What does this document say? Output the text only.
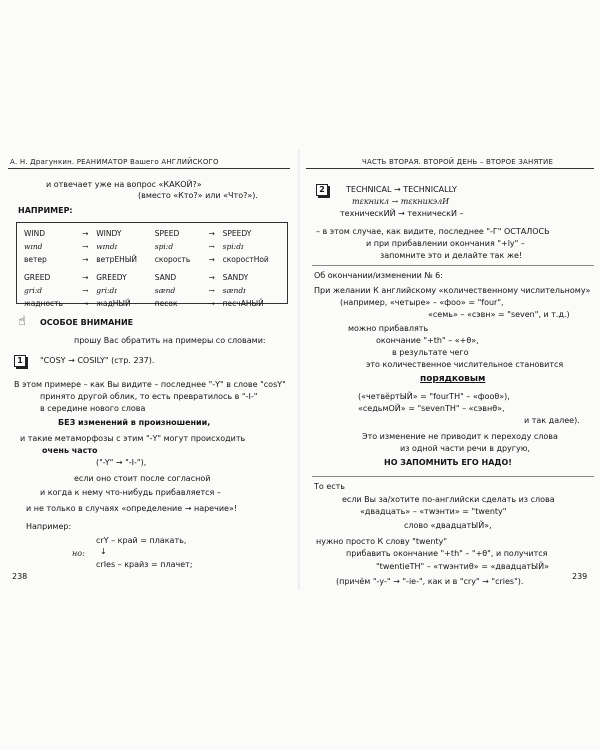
А. Н. Драгункин. РЕАНИМАТОР Вашего АНГЛИЙСКОГО
и отвечает уже на вопрос «КАКОЙ?»
(вместо «Кто?» или «Что?»).
НАПРИМЕР:
WIND	→	WINDY	SPEED	→	SPEEDY
wɪnd	→	wɪndɪ	spi:d	→	spi:dɪ
ветер	→	ветрЕНЫЙ	скорость	→	скоростНой
GREED	→	GREEDY	SAND	→	SANDY
gri:d	→	gri:dɪ	sænd	→	sændɪ
жадность	→	жадНЫЙ	песок	→	песчАНЫЙ
☝ ОСОБОЕ ВНИМАНИЕ
прошу Вас обратить на примеры со словами:
1	"COSY → COSILY" (стр. 237).
В этом примере – как Вы видите – последнее "-Y" в слове "cosY"
принято другой облик, то есть превратилось в "-I-"
в середине нового слова
БЕЗ изменений в произношении,
и такие метаморфозы с этим "-Y" могут происходить
очень часто
("-Y" → "-I-"),
если оно стоит после согласной
и когда к нему что-нибудь прибавляется –
и не только в случаях «определение → наречие»!
Например:
crY – край = плакать,
но: ↓
crIes – крайз = плачет;
238
ЧАСТЬ ВТОРАЯ. ВТОРОЙ ДЕНЬ – ВТОРОЕ ЗАНЯТИЕ
2	TECHNICAL → TECHNICALLY
тɛкникл → тɛкникэлИ
техническИЙ → техническИ –
– в этом случае, как видите, последнее "-Г" ОСТАЛОСЬ
и при прибавлении окончания "+ly" –
запомните это и делайте так же!
Об окончании/изменении № 6:
При желании К английскому «количественному числительному»
(например, «четыре» – «фоо» = "four",
«семь» – «сэвн» = "seven", и т.д.)
можно прибавлять
окончание "+th" – «+θ»,
в результате чего
это количественное числительное становится
порядковым
(«четвёртЫЙ» = "fourTH" – «фооθ»),
«седьмОЙ» = "sevenTH" – «сэвнθ»,
и так далее).
Это изменение не приводит к переходу слова
из одной части речи в другую,
НО ЗАПОМНИТЬ ЕГО НАДО!
То есть
если Вы за/хотите по-английски сделать из слова
«двадцать» – «тwэнти» = "twenty"
слово «двадцатЫЙ»,
нужно просто К слову "twenty"
прибавить окончание "+th" – "+θ", и получится
"twentieTH" – «тwэнтиθ» = «двадцатЫЙ»
(причём "-y-" → "-ie-", как и в "cry" → "cries").
239
